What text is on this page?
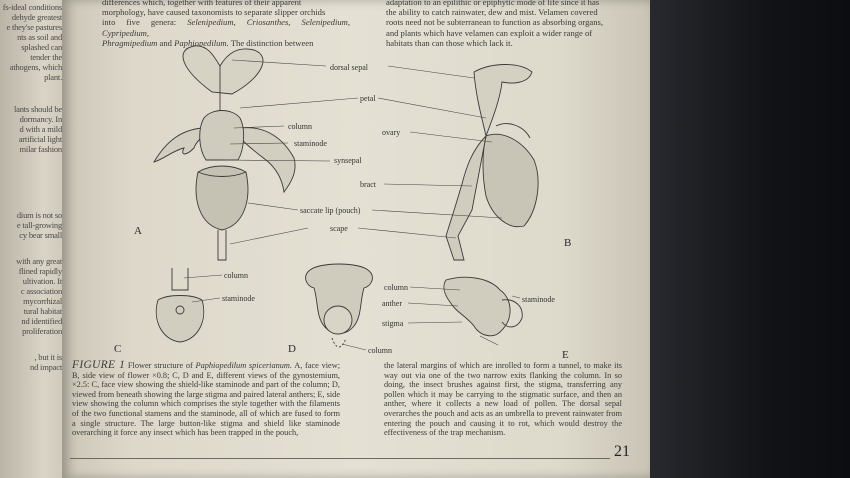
fs-ideal conditions
dehyde greatest
e they'se pastures
nts as soil and
splashed can
tender the
athogens, which
plant.
lants should be
dormancy. In
d with a mild
artificial light
milar fashion
dium is not so
e tall-growing
cy bear small
with any great
flined rapidly
ultivation. It
c association
mycorrhizal
tural habitat
nd identified
proliferation
, but it is
nd impact
differences which, together with features of their apparent
morphology, have caused taxonomists to separate slipper orchids
into five genera: Selenipedium, Criosanthes, Selenipedium, Cypripedium,
Phragmipedium and Paphiopedilum. The distinction between
adaptation to an epilithic or epiphytic mode of life since it has
the ability to catch rainwater, dew and mist. Velamen covered
roots need not be subterranean to function as absorbing organs,
and plants which have velamen can exploit a wider range of
habitats than can those which lack it.
dorsal sepal
petal
column
staminode
synsepal
ovary
bract
saccate lip (pouch)
scape
column
staminode
column
column
staminode
anther
stigma
A
B
C	D	E
FIGURE 1 Flower structure of Paphiopedilum spicerianum. A, face view; B, side view of flower ×0.8; C, D and E, different views of the gynostemium, ×2.5: C, face view showing the shield-like staminode and part of the column; D, viewed from beneath showing the large stigma and paired lateral anthers; E, side view showing the column which comprises the style together with the filaments of the two functional stamens and the staminode, all of which are fused to form a single structure. The large button-like stigma and shield like staminode overarching it force any insect which has been trapped in the pouch,
the lateral margins of which are inrolled to form a tunnel, to make its way out via one of the two narrow exits flanking the column. In so doing, the insect brushes against first, the stigma, transferring any pollen which it may be carrying to the stigmatic surface, and then an anther, where it collects a new load of pollen. The dorsal sepal overarches the pouch and acts as an umbrella to prevent rainwater from entering the pouch and causing it to rot, which would destroy the effectiveness of the trap mechanism.
21
